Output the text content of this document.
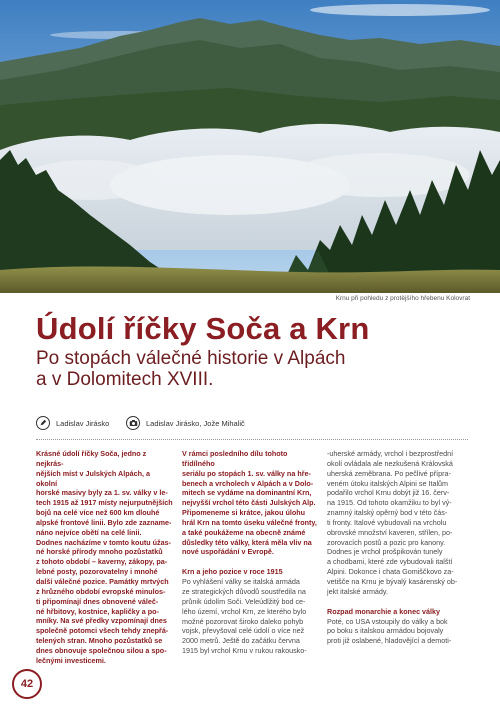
Krnu při pohledu z protějšího hřebenu Kolovrat
Údolí říčky Soča a Krn
Po stopách válečné historie v Alpách
a v Dolomitech XVIII.
Ladislav Jirásko	Ladislav Jirásko, Jože Mihalič
Krásné údolí říčky Soča, jedno z nejkrás-
nějších míst v Julských Alpách, a okolní
horské masivy byly za 1. sv. války v le-
tech 1915 až 1917 místy nejurputnějších
bojů na celé více než 600 km dlouhé
alpské frontové linii. Bylo zde zazname-
náno nejvíce obětí na celé linii.
Dodnes nacházíme v tomto koutu úžas-
né horské přírody mnoho pozůstatků
z tohoto období – kaverny, zákopy, pa-
lebné posty, pozorovatelny i mnohé
další válečné pozice. Památky mrtvých
z hrůzného období evropské minulos-
ti připomínají dnes obnovené váleč-
né hřbitovy, kostnice, kapličky a po-
mníky. Na své předky vzpomínají dnes
společně potomci všech tehdy znepřá-
telených stran. Mnoho pozůstatků se
dnes obnovuje společnou silou a spo-
lečnými investicemi.
V rámci posledního dílu tohoto třídílného
seriálu po stopách 1. sv. války na hře-
benech a vrcholech v Alpách a v Dolo-
mitech se vydáme na dominantní Krn,
nejvyšší vrchol této části Julských Alp.
Připomeneme si krátce, jakou úlohu
hrál Krn na tomto úseku válečné fronty,
a také poukážeme na obecně známé
důsledky této války, která měla vliv na
nové uspořádání v Evropě.
Krn a jeho pozice v roce 1915
Po vyhlášení války se italská armáda
ze strategických důvodů soustředila na
průnik údolím Soči. Veleúdlžitý bod ce-
lého území, vrchol Krn, ze kterého bylo
možné pozorovat široko daleko pohyb
vojsk, převyšoval celé údolí o více než
2000 metrů. Ještě do začátku června
1915 byl vrchol Krnu v rukou rakousko-
-uherské armády, vrchol i bezprostřední
okolí ovládala ale nezkušená Královská
uherská zeměbrana. Po pečlivé přípra-
veném útoku italských Alpini se Italům
podařilo vrchol Krnu dobýt již 16. červ-
na 1915. Od tohoto okamžiku to byl vý-
znamný italský opěrný bod v této čás-
ti fronty. Italové vybudovali na vrcholu
obrovské množství kaveren, střílen, po-
zorovacích postů a pozic pro kanony.
Dodnes je vrchol prošpikován tunely
a chodbami, které zde vybudovali italští
Alpini. Dokonce i chata Gomiščkovo za-
vetišče na Krnu je bývalý kasárenský ob-
jekt italské armády.
Rozpad monarchie a konec války
Poté, co USA vstoupily do války a bok
po boku s italskou armádou bojovaly
proti již oslabené, hladovějící a demoti-
42
